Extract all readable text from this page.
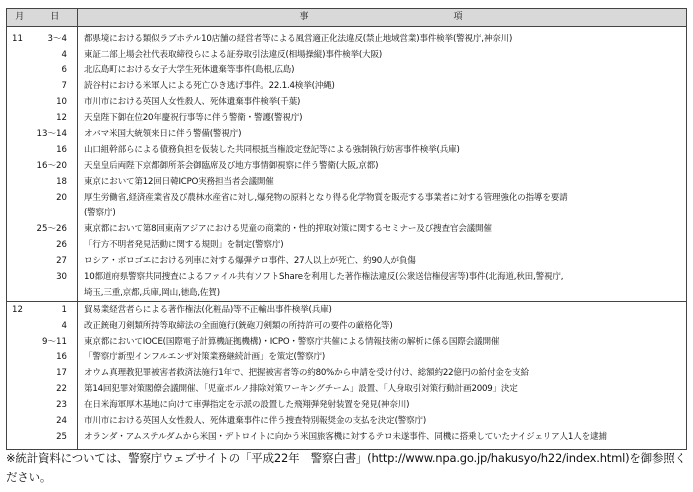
月	日	事　　　　　　　　　　　　　項

11	3～4	都県境における類似ラブホテル10店舗の経営者等による風営適正化法違反(禁止地域営業)事件検挙(警視庁,神奈川)
	4	東証二部上場会社代表取締役らによる証券取引法違反(相場操縦)事件検挙(大阪)
	6	北広島町における女子大学生死体遺棄等事件(島根,広島)
	7	読谷村における米軍人による死亡ひき逃げ事件。22.1.4検挙(沖縄)
	10	市川市における英国人女性殺人、死体遺棄事件検挙(千葉)
	12	天皇陛下御在位20年慶祝行事等に伴う警衛・警護(警視庁)
	13～14	オバマ米国大統領来日に伴う警備(警視庁)
	16	山口組幹部らによる債務負担を仮装した共同根抵当権設定登記等による強制執行妨害事件検挙(兵庫)
	16～20	天皇皇后両陛下京都御所茶会御臨席及び地方事情御視察に伴う警衛(大阪,京都)
	18	東京において第12回日韓ICPO実務担当者会議開催
	20	厚生労働省,経済産業省及び農林水産省に対し,爆発物の原料となり得る化学物質を販売する事業者に対する管理強化の指導を要請
		(警察庁)
	25～26	東京都において第8回東南アジアにおける児童の商業的・性的搾取対策に関するセミナー及び捜査官会議開催
	26	「行方不明者発見活動に関する規則」を制定(警察庁)
	27	ロシア・ボロゴエにおける列車に対する爆弾テロ事件、27人以上が死亡、約90人が負傷
	30	10都道府県警察共同捜査によるファイル共有ソフトShareを利用した著作権法違反(公衆送信権侵害等)事件(北海道,秋田,警視庁,
		埼玉,三重,京都,兵庫,岡山,徳島,佐賀)
12	1	貿易業経営者らによる著作権法(化粧品)等不正輸出事件検挙(兵庫)
	4	改正銃砲刀剣類所持等取締法の全面施行(銃砲刀剣類の所持許可の要件の厳格化等)
	9～11	東京都においてIOCE(国際電子計算機証拠機構)・ICPO・警察庁共催による情報技術の解析に係る国際会議開催
	16	「警察庁新型インフルエンザ対策業務継続計画」を策定(警察庁)
	17	オウム真理教犯罪被害者救済法施行1年で、把握被害者等の約80%から申請を受け付け、総額約22億円の給付金を支給
	22	第14回犯罪対策閣僚会議開催、「児童ポルノ排除対策ワーキングチーム」設置、「人身取引対策行動計画2009」決定
	23	在日米海軍厚木基地に向けて車弾指定を示派の設置した飛翔弾発射装置を発見(神奈川)
	24	市川市における英国人女性殺人、死体遺棄事件に伴う捜査特別報奨金の支払を決定(警察庁)
	25	オランダ・アムステルダムから米国・デトロイトに向かう米国旅客機に対するテロ未遂事件、同機に搭乗していたナイジェリア人1人を逮捕

※統計資料については、警察庁ウェブサイトの「平成22年　警察白書」(http://www.npa.go.jp/hakusyo/h22/index.html)を御参照ください。
